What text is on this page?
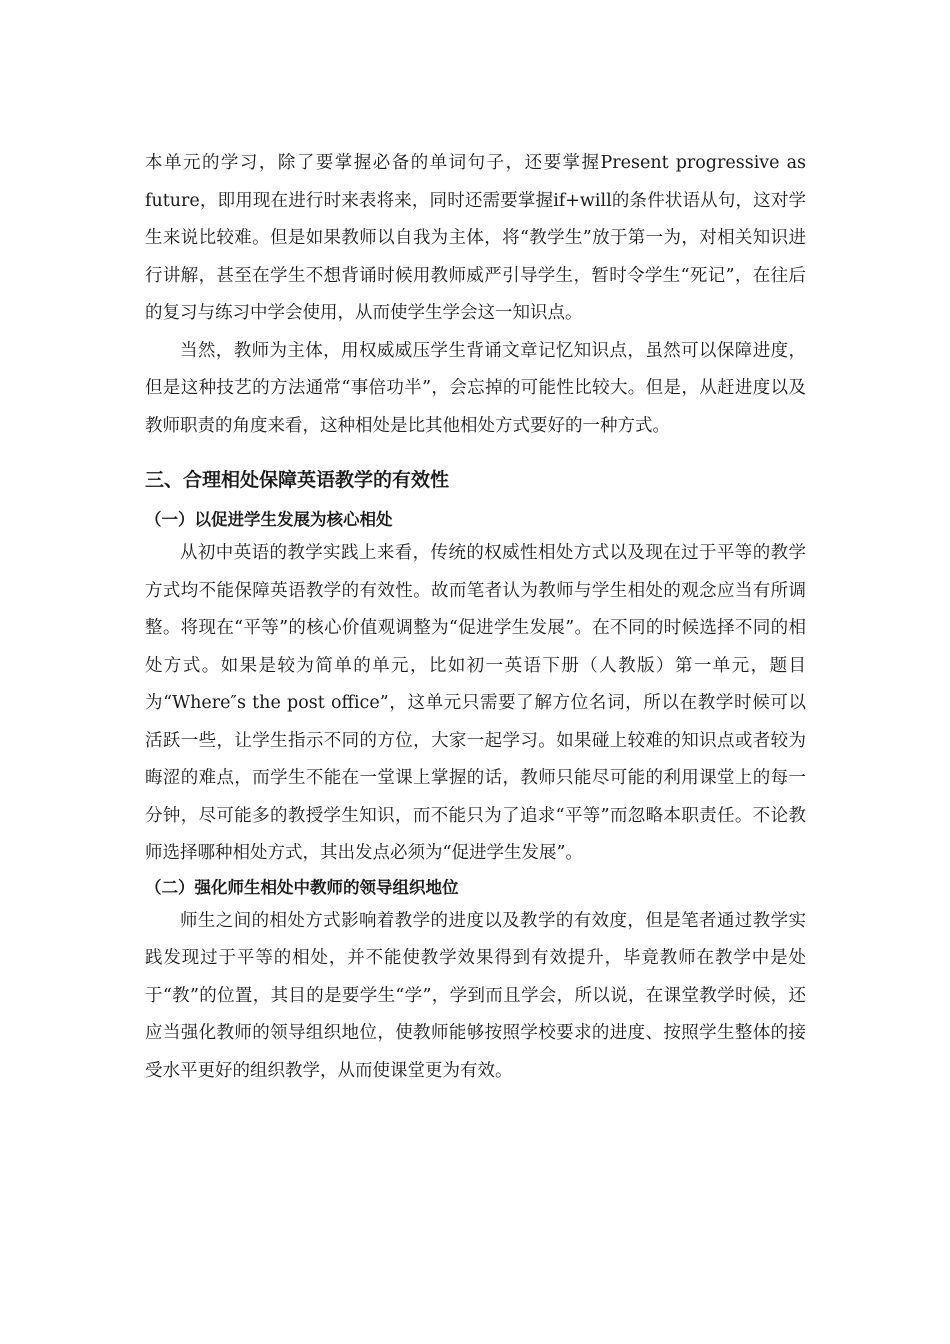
本单元的学习，除了要掌握必备的单词句子，还要掌握Present progressive as future，即用现在进行时来表将来，同时还需要掌握if+will的条件状语从句，这对学生来说比较难。但是如果教师以自我为主体，将“教学生”放于第一为，对相关知识进行讲解，甚至在学生不想背诵时候用教师威严引导学生，暂时令学生“死记”，在往后的复习与练习中学会使用，从而使学生学会这一知识点。

当然，教师为主体，用权威威压学生背诵文章记忆知识点，虽然可以保障进度，但是这种技艺的方法通常“事倍功半”，会忘掉的可能性比较大。但是，从赶进度以及教师职责的角度来看，这种相处是比其他相处方式要好的一种方式。

三、合理相处保障英语教学的有效性
（一）以促进学生发展为核心相处

从初中英语的教学实践上来看，传统的权威性相处方式以及现在过于平等的教学方式均不能保障英语教学的有效性。故而笔者认为教师与学生相处的观念应当有所调整。将现在“平等”的核心价值观调整为“促进学生发展”。在不同的时候选择不同的相处方式。如果是较为简单的单元，比如初一英语下册（人教版）第一单元，题目为“Where″s the post office”，这单元只需要了解方位名词，所以在教学时候可以活跃一些，让学生指示不同的方位，大家一起学习。如果碰上较难的知识点或者较为晦涩的难点，而学生不能在一堂课上掌握的话，教师只能尽可能的利用课堂上的每一分钟，尽可能多的教授学生知识，而不能只为了追求“平等”而忽略本职责任。不论教师选择哪种相处方式，其出发点必须为“促进学生发展”。

（二）强化师生相处中教师的领导组织地位

师生之间的相处方式影响着教学的进度以及教学的有效度，但是笔者通过教学实践发现过于平等的相处，并不能使教学效果得到有效提升，毕竟教师在教学中是处于“教”的位置，其目的是要学生“学”，学到而且学会，所以说，在课堂教学时候，还应当强化教师的领导组织地位，使教师能够按照学校要求的进度、按照学生整体的接受水平更好的组织教学，从而使课堂更为有效。
